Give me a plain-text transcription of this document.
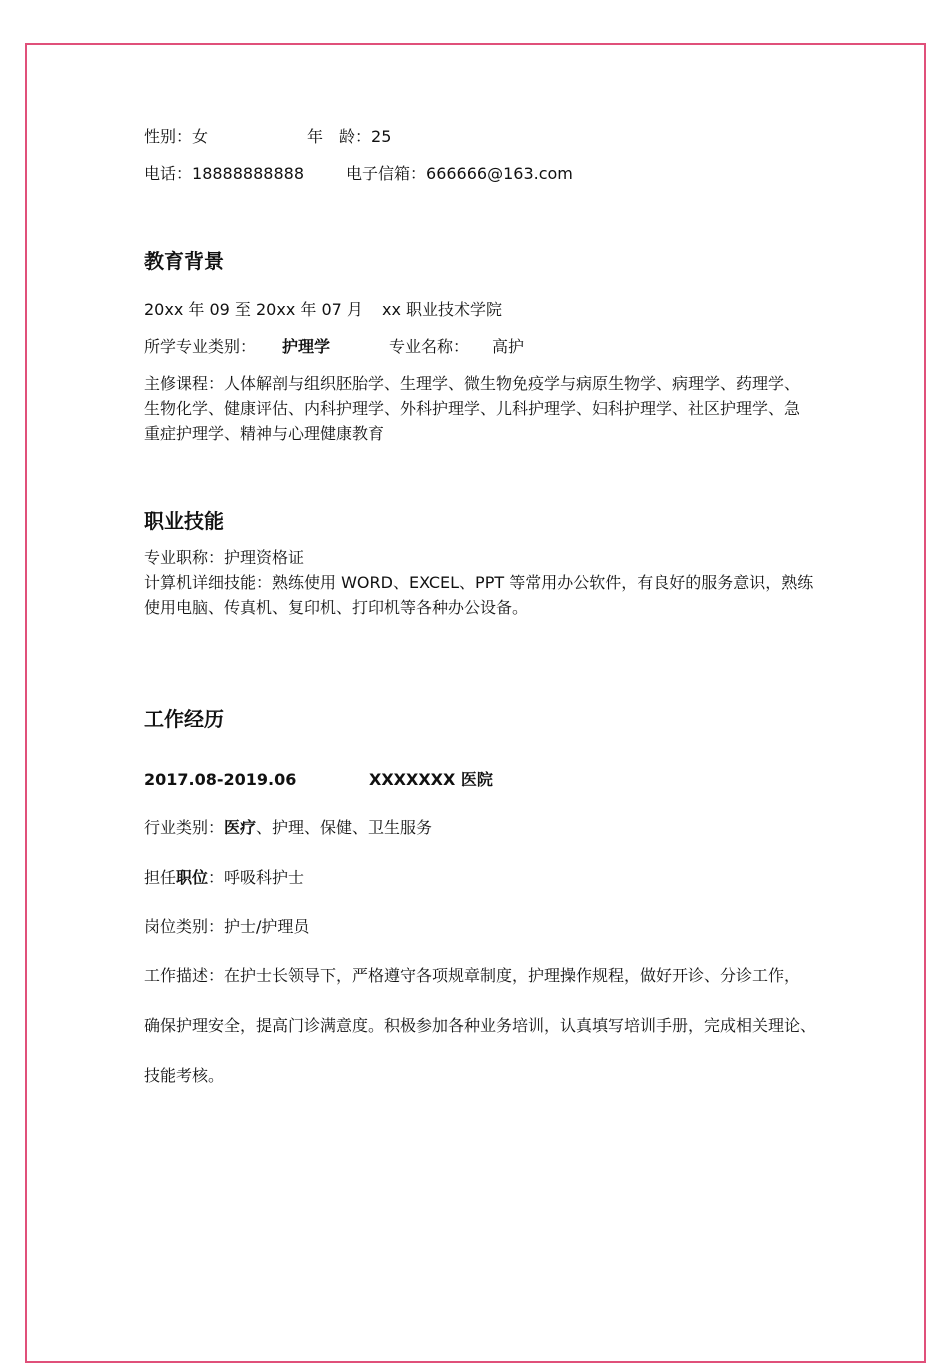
性别：女	年　龄：25
电话：18888888888	电子信箱：666666@163.com
教育背景
20xx 年 09 至 20xx 年 07 月 xx 职业技术学院
所学专业类别： 护理学	专业名称： 高护
主修课程：人体解剖与组织胚胎学、生理学、微生物免疫学与病原生物学、病理学、药理学、生物化学、健康评估、内科护理学、外科护理学、儿科护理学、妇科护理学、社区护理学、急重症护理学、精神与心理健康教育
职业技能
专业职称：护理资格证
计算机详细技能：熟练使用 WORD、EXCEL、PPT 等常用办公软件，有良好的服务意识，熟练使用电脑、传真机、复印机、打印机等各种办公设备。
工作经历
2017.08-2019.06	XXXXXXX 医院
行业类别：医疗、护理、保健、卫生服务
担任职位：呼吸科护士
岗位类别：护士/护理员
工作描述：在护士长领导下，严格遵守各项规章制度，护理操作规程，做好开诊、分诊工作，确保护理安全，提高门诊满意度。积极参加各种业务培训，认真填写培训手册，完成相关理论、技能考核。
